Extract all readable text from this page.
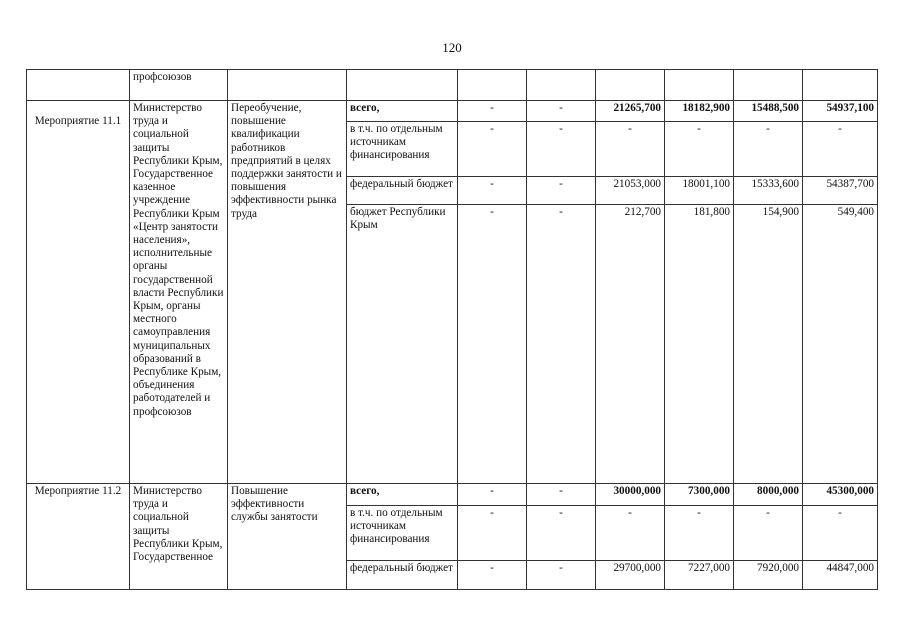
120
	профсоюзов								
Мероприятие 11.1	Министерство труда и социальной защиты Республики Крым, Государственное казенное учреждение Республики Крым «Центр занятости населения», исполнительные органы государственной власти Республики Крым, органы местного самоуправления муниципальных образований в Республике Крым, объединения работодателей и профсоюзов	Переобучение, повышение квалификации работников предприятий в целях поддержки занятости и повышения эффективности рынка труда	всего,	-	-	21265,700	18182,900	15488,500	54937,100
			в т.ч. по отдельным источникам финансирования	-	-	-	-	-	-
			федеральный бюджет	-	-	21053,000	18001,100	15333,600	54387,700
			бюджет Республики Крым	-	-	212,700	181,800	154,900	549,400
Мероприятие 11.2	Министерство труда и социальной защиты Республики Крым, Государственное	Повышение эффективности службы занятости	всего,	-	-	30000,000	7300,000	8000,000	45300,000
			в т.ч. по отдельным источникам финансирования	-	-	-	-	-	-
			федеральный бюджет	-	-	29700,000	7227,000	7920,000	44847,000
